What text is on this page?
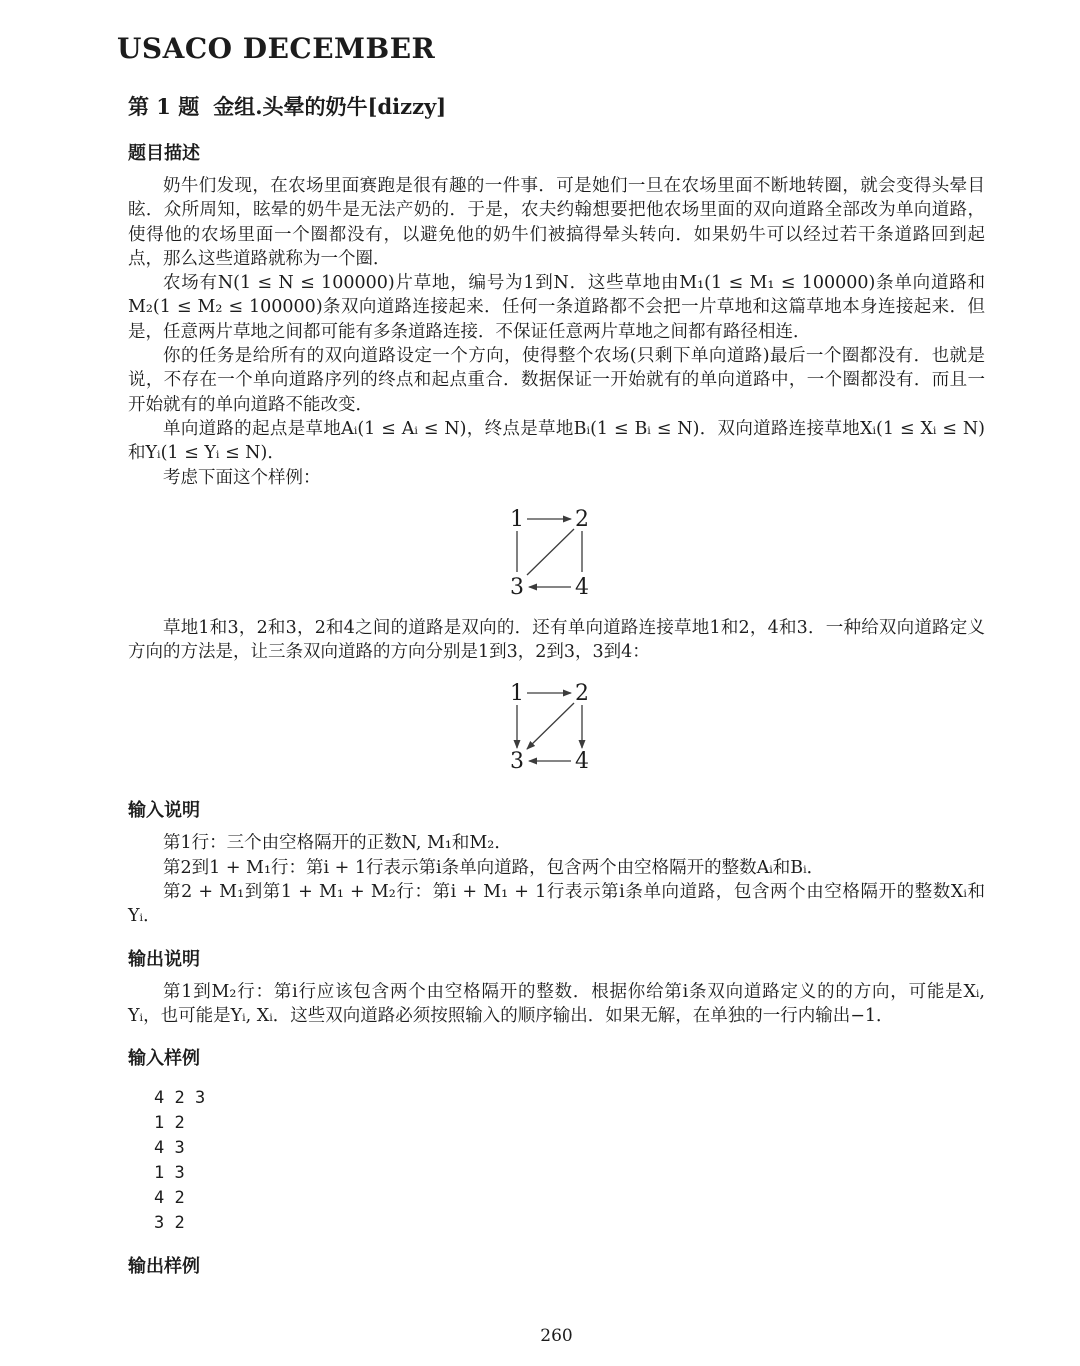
USACO DECEMBER
第 1 题 金组.头晕的奶牛[dizzy]
题目描述

奶牛们发现，在农场里面赛跑是很有趣的一件事．可是她们一旦在农场里面不断地转圈，就会变得头晕目眩．众所周知，眩晕的奶牛是无法产奶的．于是，农夫约翰想要把他农场里面的双向道路全部改为单向道路，使得他的农场里面一个圈都没有，以避免他的奶牛们被搞得晕头转向．如果奶牛可以经过若干条道路回到起点，那么这些道路就称为一个圈．

农场有N(1 ≤ N ≤ 100000)片草地，编号为1到N．这些草地由M₁(1 ≤ M₁ ≤ 100000)条单向道路和M₂(1 ≤ M₂ ≤ 100000)条双向道路连接起来．任何一条道路都不会把一片草地和这篇草地本身连接起来．但是，任意两片草地之间都可能有多条道路连接．不保证任意两片草地之间都有路径相连．

你的任务是给所有的双向道路设定一个方向，使得整个农场(只剩下单向道路)最后一个圈都没有．也就是说，不存在一个单向道路序列的终点和起点重合．数据保证一开始就有的单向道路中，一个圈都没有．而且一开始就有的单向道路不能改变．

单向道路的起点是草地Aᵢ(1 ≤ Aᵢ ≤ N)，终点是草地Bᵢ(1 ≤ Bᵢ ≤ N)．双向道路连接草地Xᵢ(1 ≤ Xᵢ ≤ N)和Yᵢ(1 ≤ Yᵢ ≤ N)．

考虑下面这个样例：

1 2
3 4

草地1和3，2和3，2和4之间的道路是双向的．还有单向道路连接草地1和2，4和3．一种给双向道路定义方向的方法是，让三条双向道路的方向分别是1到3，2到3，3到4：

1 2
3 4
输入说明

第1行：三个由空格隔开的正数N, M₁和M₂．

第2到1 + M₁行：第i + 1行表示第i条单向道路，包含两个由空格隔开的整数Aᵢ和Bᵢ．

第2 + M₁到第1 + M₁ + M₂行：第i + M₁ + 1行表示第i条单向道路，包含两个由空格隔开的整数Xᵢ和Yᵢ．

输出说明

第1到M₂行：第i行应该包含两个由空格隔开的整数．根据你给第i条双向道路定义的的方向，可能是Xᵢ, Yᵢ，也可能是Yᵢ, Xᵢ．这些双向道路必须按照输入的顺序输出．如果无解，在单独的一行内输出−1．

输入样例
4 2 3
1 2
4 3
1 3
4 2
3 2
输出样例
260
